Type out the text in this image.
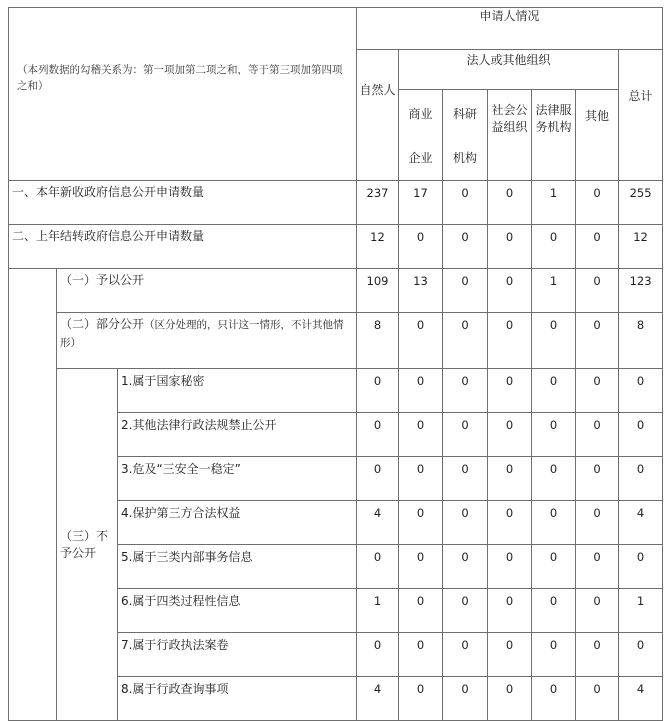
（本列数据的勾稽关系为：第一项加第二项之和，等于第三项加第四项之和）			申请人情况						
			自然人	法人或其他组织					总计

				商业企业	科研机构	社会公益组织	法律服务机构	其他	
一、本年新收政府信息公开申请数量			237	17	0	0	1	0	255
二、上年结转政府信息公开申请数量			12	0	0	0	0	0	12
	（一）予以公开		109	13	0	0	1	0	123
	（二）部分公开（区分处理的，只计这一情形，不计其他情形）		8	0	0	0	0	0	8

	（三）不予公开	1.属于国家秘密	0	0	0	0	0	0	0
		2.其他法律行政法规禁止公开	0	0	0	0	0	0	0
		3.危及“三安全一稳定”	0	0	0	0	0	0	0
		4.保护第三方合法权益	4	0	0	0	0	0	4
		5.属于三类内部事务信息	0	0	0	0	0	0	0
		6.属于四类过程性信息	1	0	0	0	0	0	1
		7.属于行政执法案卷	0	0	0	0	0	0	0
		8.属于行政查询事项	4	0	0	0	0	0	4
